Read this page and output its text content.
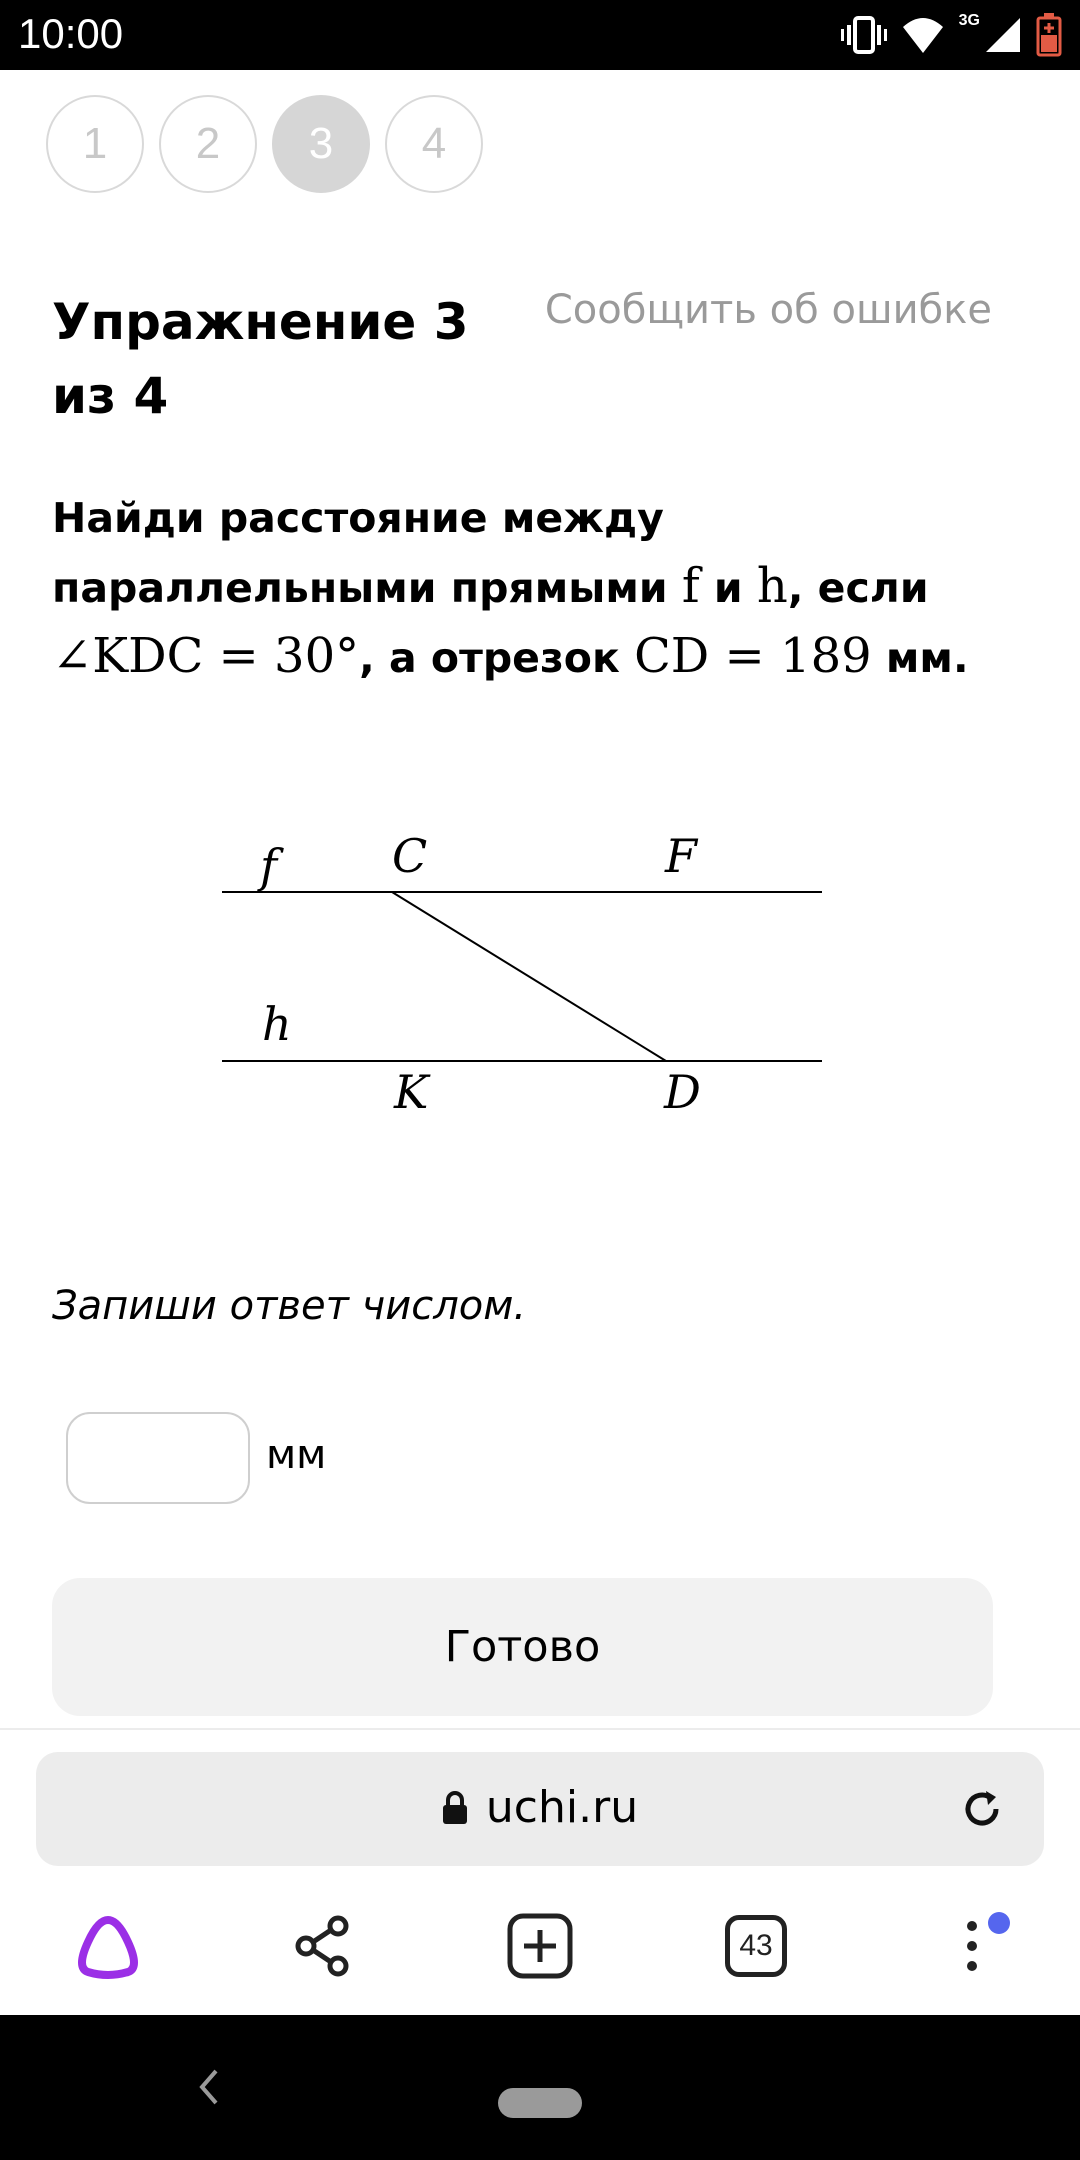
10:00	3G
1	2	3	4
Упражнение 3 из 4
Сообщить об ошибке
Найди расстояние между параллельными прямыми f и h, если ∠KDC = 30°, а отрезок CD = 189 мм.
f C	F
h
K	D
Запиши ответ числом.
мм
Готово
uchi.ru
43
